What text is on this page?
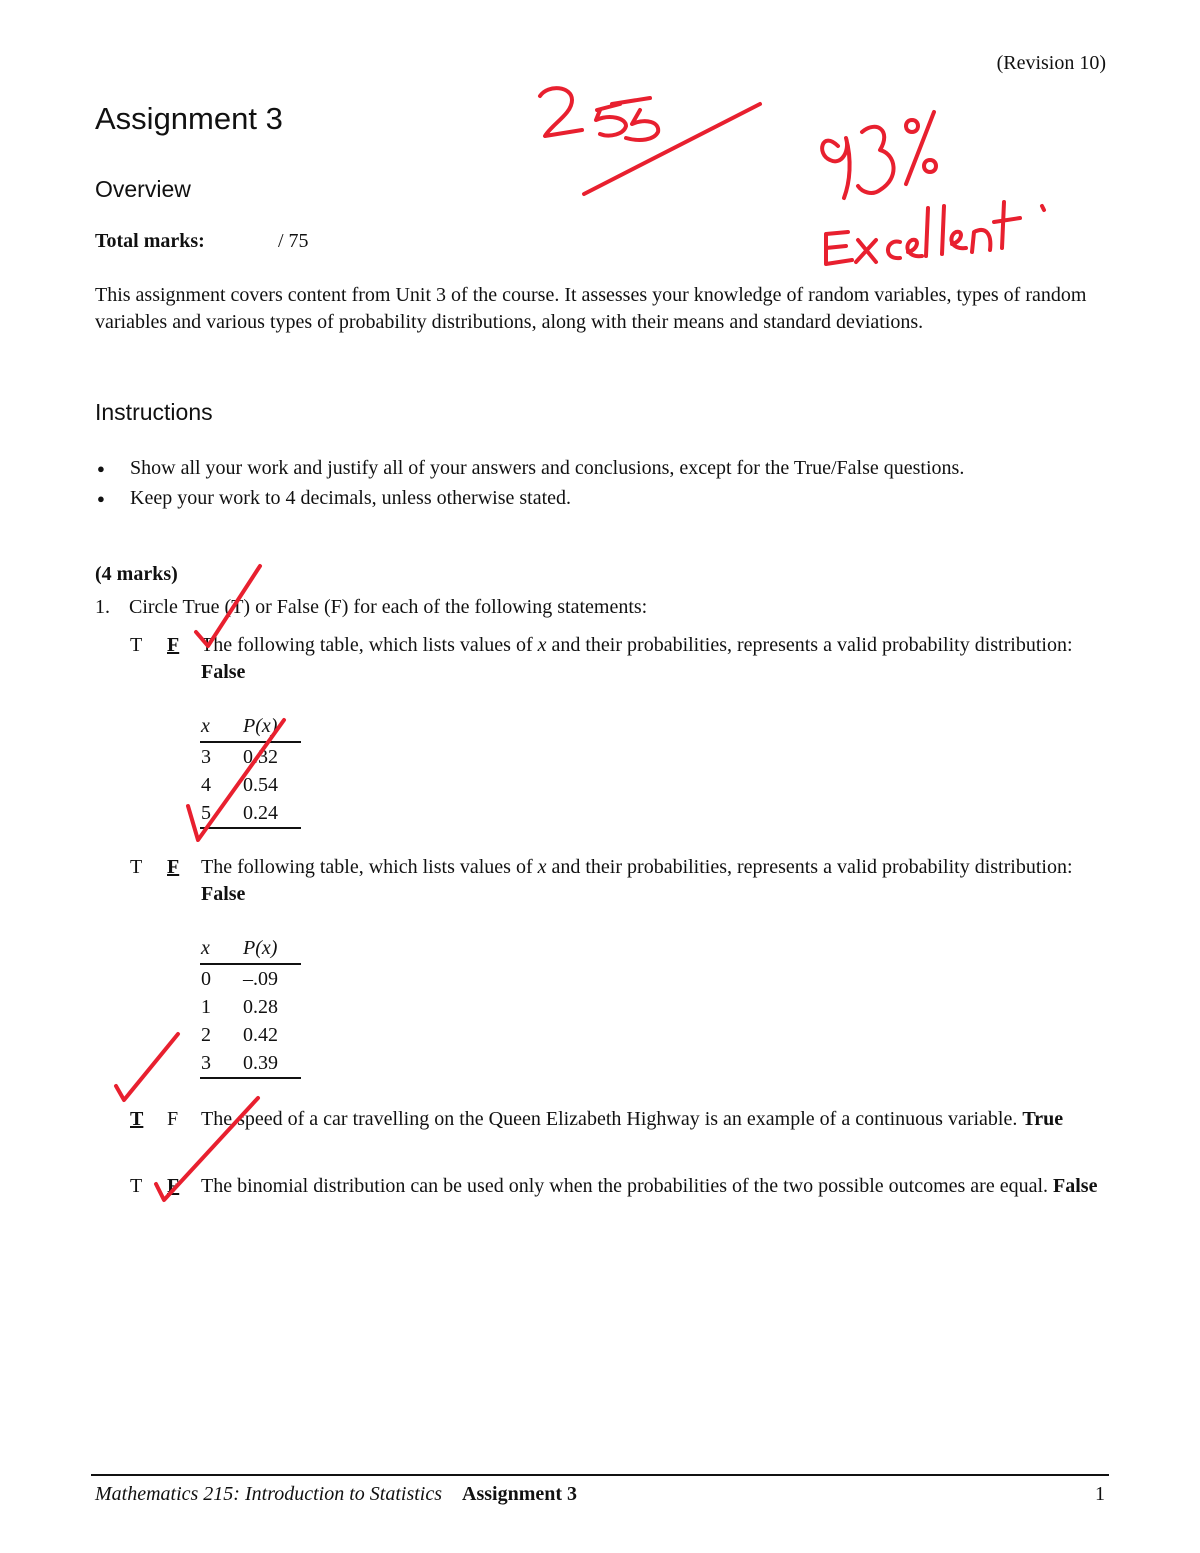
(Revision 10)
Assignment 3
Overview
Total marks:	/ 75
This assignment covers content from Unit 3 of the course. It assesses your knowledge of random variables, types of random variables and various types of probability distributions, along with their means and standard deviations.
Instructions
● Show all your work and justify all of your answers and conclusions, except for the True/False questions.
● Keep your work to 4 decimals, unless otherwise stated.
(4 marks)
1. Circle True (T) or False (F) for each of the following statements:
T F The following table, which lists values of x and their probabilities, represents a valid probability distribution: False
x	P(x)
3	0.32
4	0.54
5	0.24
T F The following table, which lists values of x and their probabilities, represents a valid probability distribution: False
x	P(x)
0	–.09
1	0.28
2	0.42
3	0.39
T F The speed of a car travelling on the Queen Elizabeth Highway is an example of a continuous variable. True
T F The binomial distribution can be used only when the probabilities of the two possible outcomes are equal. False
Mathematics 215: Introduction to Statistics Assignment 3	1
